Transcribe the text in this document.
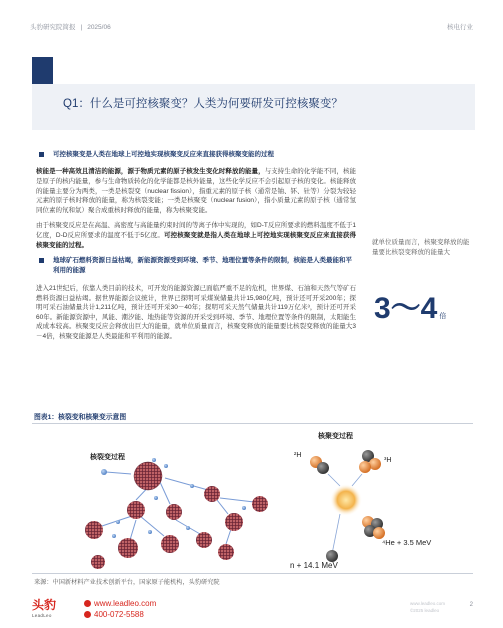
头豹研究院简报 | 2025/06	核电行业
Q1：什么是可控核聚变？人类为何要研发可控核聚变？
可控核聚变是人类在地球上可控地实现核聚变反应来直接获得核聚变能的过程

核能是一种高效且清洁的能源，源于物质元素的原子核发生变化时释放的能量，与支持生命的化学能不同，核能是原子的核内能量，参与生命物质转化的化学能都是核外能量，这些化学反应不会引起原子核的变化。核能释放的能量主要分为两类，一类是核裂变（nuclear fission），指重元素的原子核（通常是铀、钚、钍等）分裂为较轻元素的原子核时释放的能量，称为核裂变能；一类是核聚变（nuclear fusion），指小质量元素的原子核（通常氢同位素的氘和氚）聚合成重核时释放的能量，称为核聚变能。

由于核聚变反应是在高温、高密度与高能量约束时间的等离子体中实现的，如D-T反应所要求的燃料温度不低于1亿度，D-D反应所要求的温度不低于5亿度。可控核聚变就是指人类在地球上可控地实现核聚变反应来直接获得核聚变能的过程。

地球矿石燃料资源日益枯竭，新能源资源受到环境、季节、地理位置等条件的限制，核能是人类最能和平利用的能源

进入21世纪后，依靠人类目前的技术，可开发的能源资源已面临严重不足的危机，世界煤、石油和天然气等矿石燃料资源日益枯竭。据世界能源会议统计，世界已探明可采煤炭储量共计15,980亿吨，预计还可开采200年；探明可采石油储量共计1,211亿吨，预计还可开采30－40年；探明可采天然气储量共计119万亿米³，预计还可开采60年。新能源资源中，风能、潮汐能、地热能等资源的开采受到环境、季节、地理位置等条件的限制，太阳能生成成本较高。核聚变反应会释放出巨大的能量，就单位质量而言，核聚变释放的能量要比核裂变释放的能量大3－4倍，核聚变能源是人类最能和平利用的能源。

就单位质量而言，核聚变释放的能量要比核裂变释放的能量大
3～4 倍
图表1：核裂变和核聚变示意图
核裂变过程
核聚变过程
²H
³H
⁴He + 3.5 MeV
n + 14.1 MeV
来源：中国新材料产业技术创新平台，国家原子能机构，头豹研究院
头豹
LeadLeo
www.leadleo.com
400-072-5588
www.leadleo.com
©2025 leadleo
2
